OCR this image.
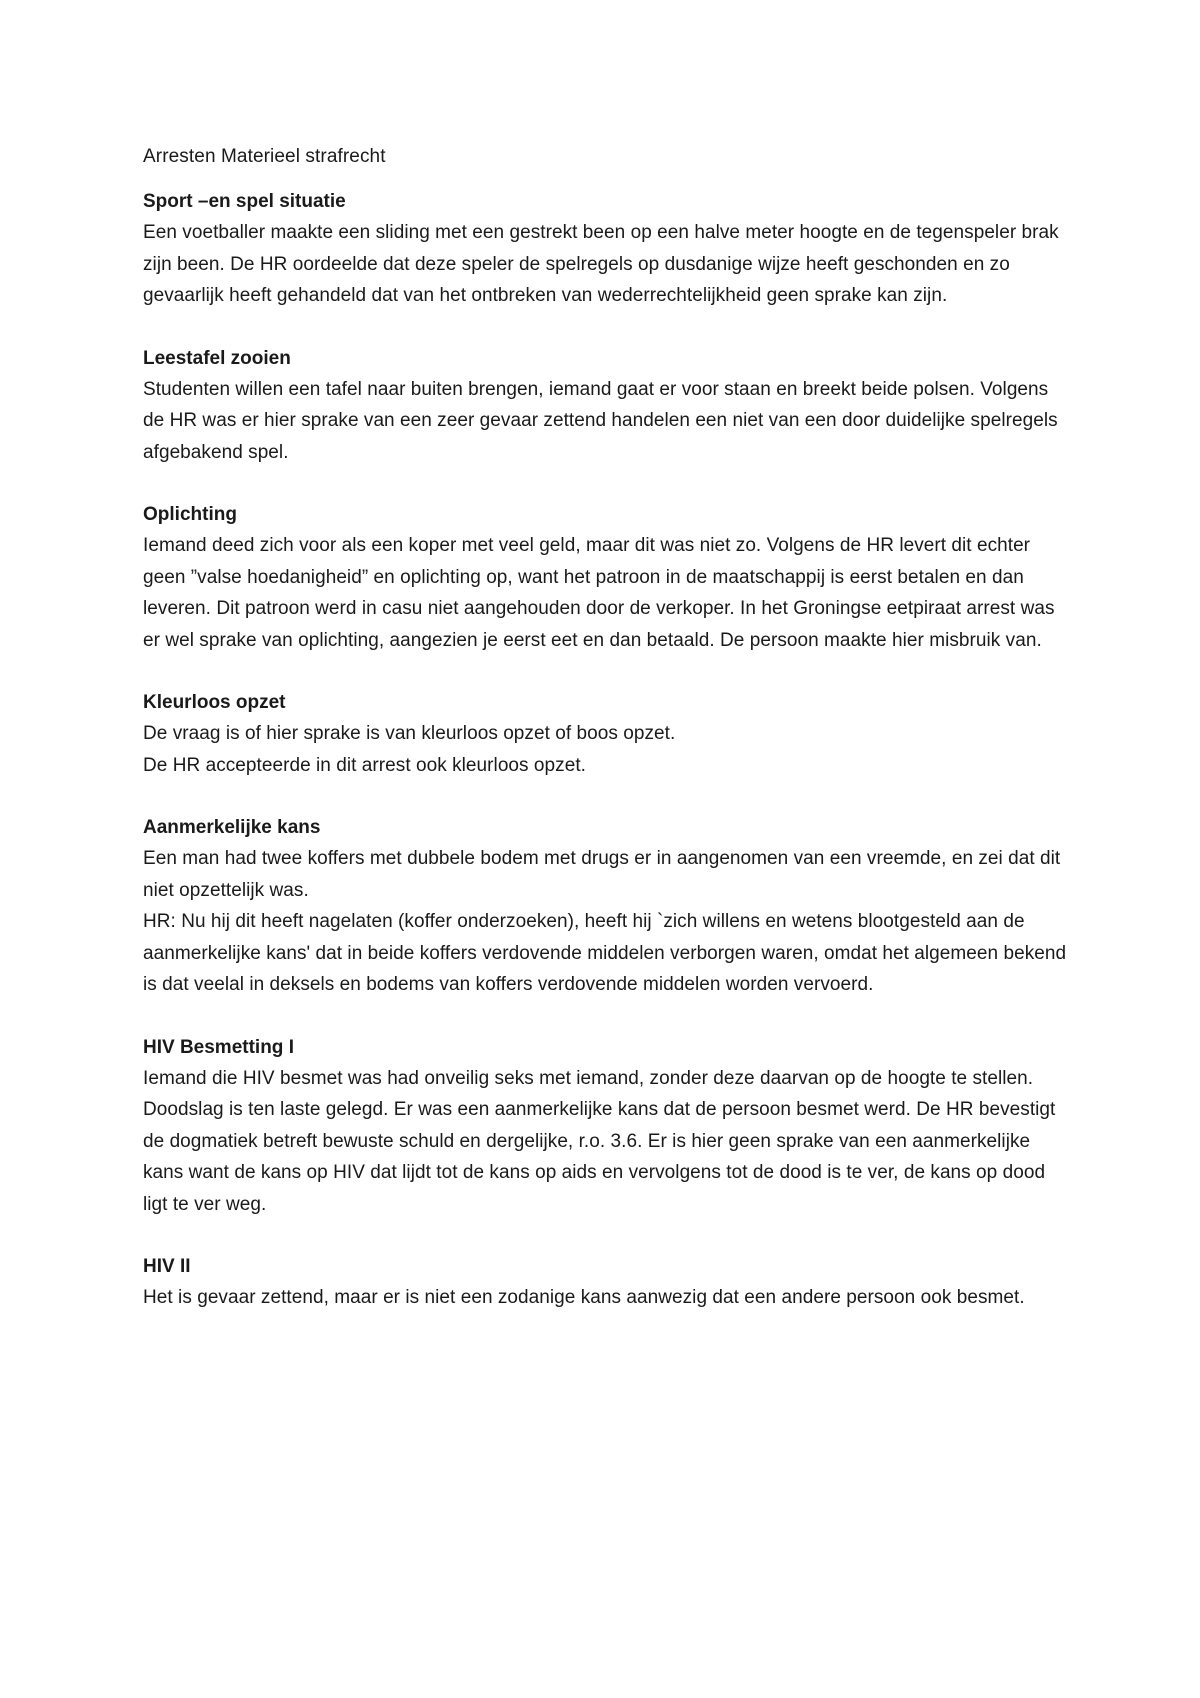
Arresten Materieel strafrecht

Sport –en spel situatie

Een voetballer maakte een sliding met een gestrekt been op een halve meter hoogte en de tegenspeler brak zijn been. De HR oordeelde dat deze speler de spelregels op dusdanige wijze heeft geschonden en zo gevaarlijk heeft gehandeld dat van het ontbreken van wederrechtelijkheid geen sprake kan zijn.

Leestafel zooien

Studenten willen een tafel naar buiten brengen, iemand gaat er voor staan en breekt beide polsen. Volgens de HR was er hier sprake van een zeer gevaar zettend handelen een niet van een door duidelijke spelregels afgebakend spel.

Oplichting

Iemand deed zich voor als een koper met veel geld, maar dit was niet zo. Volgens de HR levert dit echter geen ”valse hoedanigheid” en oplichting op, want het patroon in de maatschappij is eerst betalen en dan leveren. Dit patroon werd in casu niet aangehouden door de verkoper. In het Groningse eetpiraat arrest was er wel sprake van oplichting, aangezien je eerst eet en dan betaald. De persoon maakte hier misbruik van.

Kleurloos opzet

De vraag is of hier sprake is van kleurloos opzet of boos opzet.

De HR accepteerde in dit arrest ook kleurloos opzet.

Aanmerkelijke kans

Een man had twee koffers met dubbele bodem met drugs er in aangenomen van een vreemde, en zei dat dit niet opzettelijk was.

HR: Nu hij dit heeft nagelaten (koffer onderzoeken), heeft hij `zich willens en wetens blootgesteld aan de aanmerkelijke kans' dat in beide koffers verdovende middelen verborgen waren, omdat het algemeen bekend is dat veelal in deksels en bodems van koffers verdovende middelen worden vervoerd.

HIV Besmetting I

Iemand die HIV besmet was had onveilig seks met iemand, zonder deze daarvan op de hoogte te stellen. Doodslag is ten laste gelegd. Er was een aanmerkelijke kans dat de persoon besmet werd. De HR bevestigt de dogmatiek betreft bewuste schuld en dergelijke, r.o. 3.6. Er is hier geen sprake van een aanmerkelijke kans want de kans op HIV dat lijdt tot de kans op aids en vervolgens tot de dood is te ver, de kans op dood ligt te ver weg.

HIV II

Het is gevaar zettend, maar er is niet een zodanige kans aanwezig dat een andere persoon ook besmet.
